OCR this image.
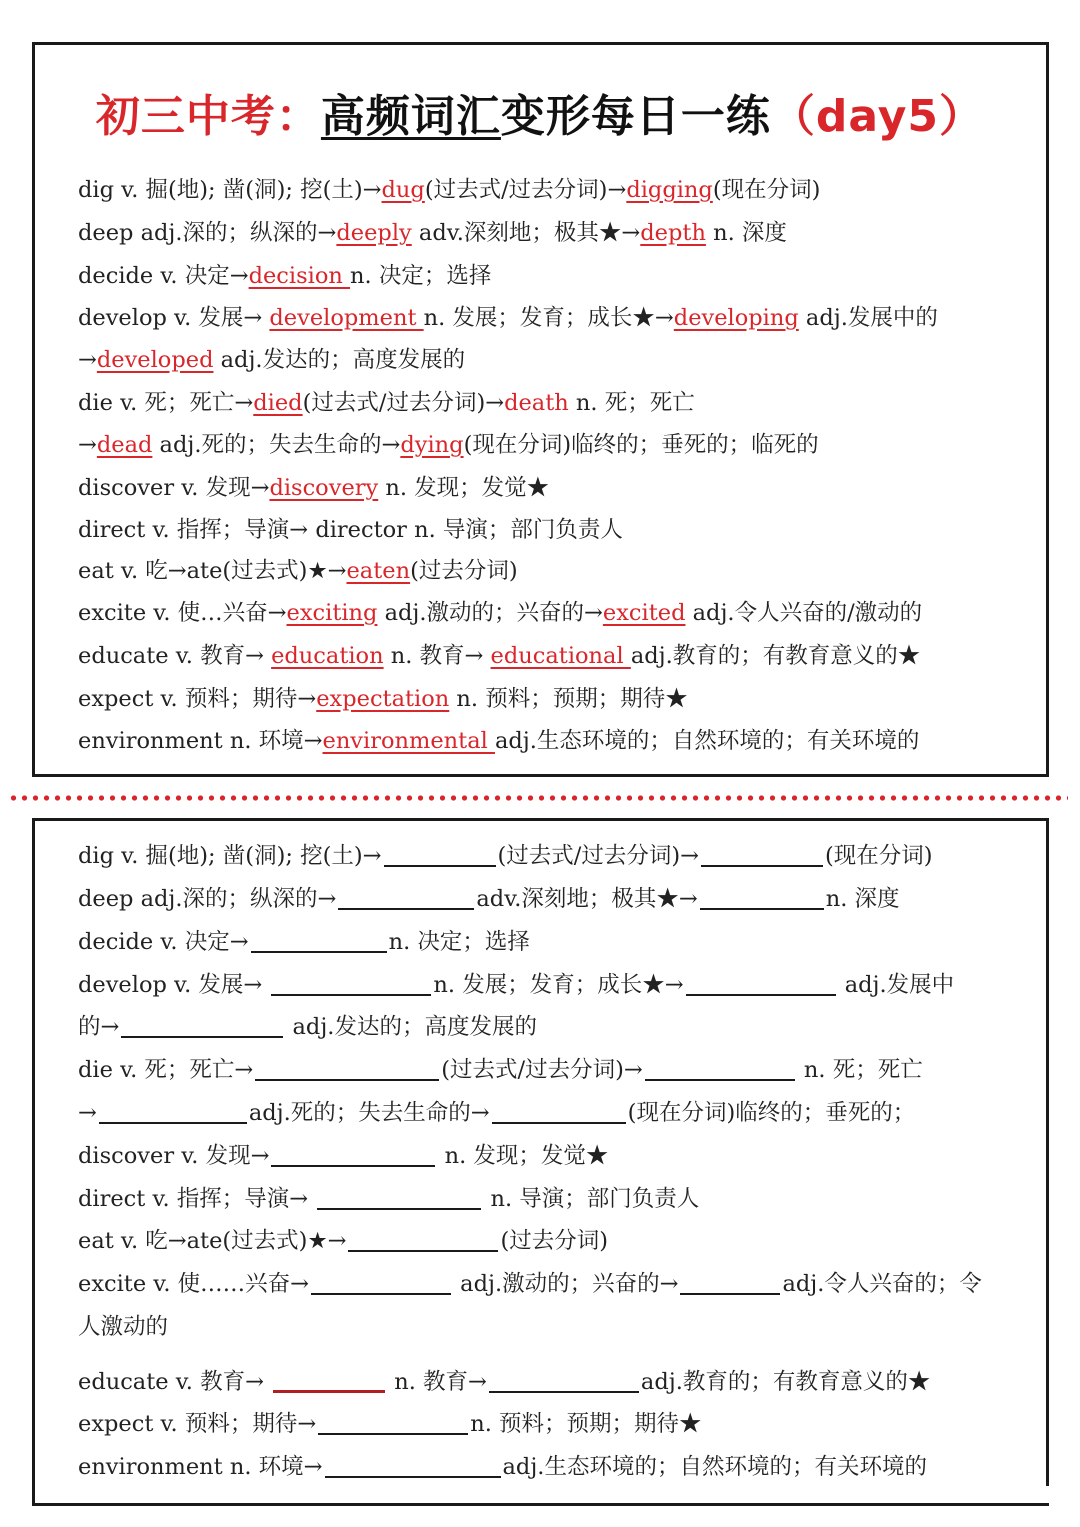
初三中考：高频词汇变形每日一练（day5）
dig v. 掘(地); 凿(洞); 挖(土)→dug(过去式/过去分词)→digging(现在分词)
deep adj.深的；纵深的→deeply adv.深刻地；极其★→depth n. 深度
decide v. 决定→decision n. 决定；选择
develop v. 发展→ development n. 发展；发育；成长★→developing adj.发展中的
→developed adj.发达的；高度发展的
die v. 死；死亡→died(过去式/过去分词)→death n. 死；死亡
→dead adj.死的；失去生命的→dying(现在分词)临终的；垂死的；临死的
discover v. 发现→discovery n. 发现；发觉★
direct v. 指挥；导演→ director n. 导演；部门负责人
eat v. 吃→ate(过去式)★→eaten(过去分词)
excite v. 使…兴奋→exciting adj.激动的；兴奋的→excited adj.令人兴奋的/激动的
educate v. 教育→ education n. 教育→ educational adj.教育的；有教育意义的★
expect v. 预料；期待→expectation n. 预料；预期；期待★
environment n. 环境→environmental adj.生态环境的；自然环境的；有关环境的
dig v. 掘(地); 凿(洞); 挖(土)→	(过去式/过去分词)→	(现在分词)
deep adj.深的；纵深的→	adv.深刻地；极其★→	n. 深度
decide v. 决定→	n. 决定；选择
develop v. 发展→	n. 发展；发育；成长★→	adj.发展中
的→	adj.发达的；高度发展的
die v. 死；死亡→	(过去式/过去分词)→	n. 死；死亡
→	adj.死的；失去生命的→	(现在分词)临终的；垂死的；
discover v. 发现→	n. 发现；发觉★
direct v. 指挥；导演→	n. 导演；部门负责人
eat v. 吃→ate(过去式)★→	(过去分词)
excite v. 使……兴奋→	adj.激动的；兴奋的→	adj.令人兴奋的；令
人激动的
educate v. 教育→	n. 教育→	adj.教育的；有教育意义的★
expect v. 预料；期待→	n. 预料；预期；期待★
environment n. 环境→	adj.生态环境的；自然环境的；有关环境的
